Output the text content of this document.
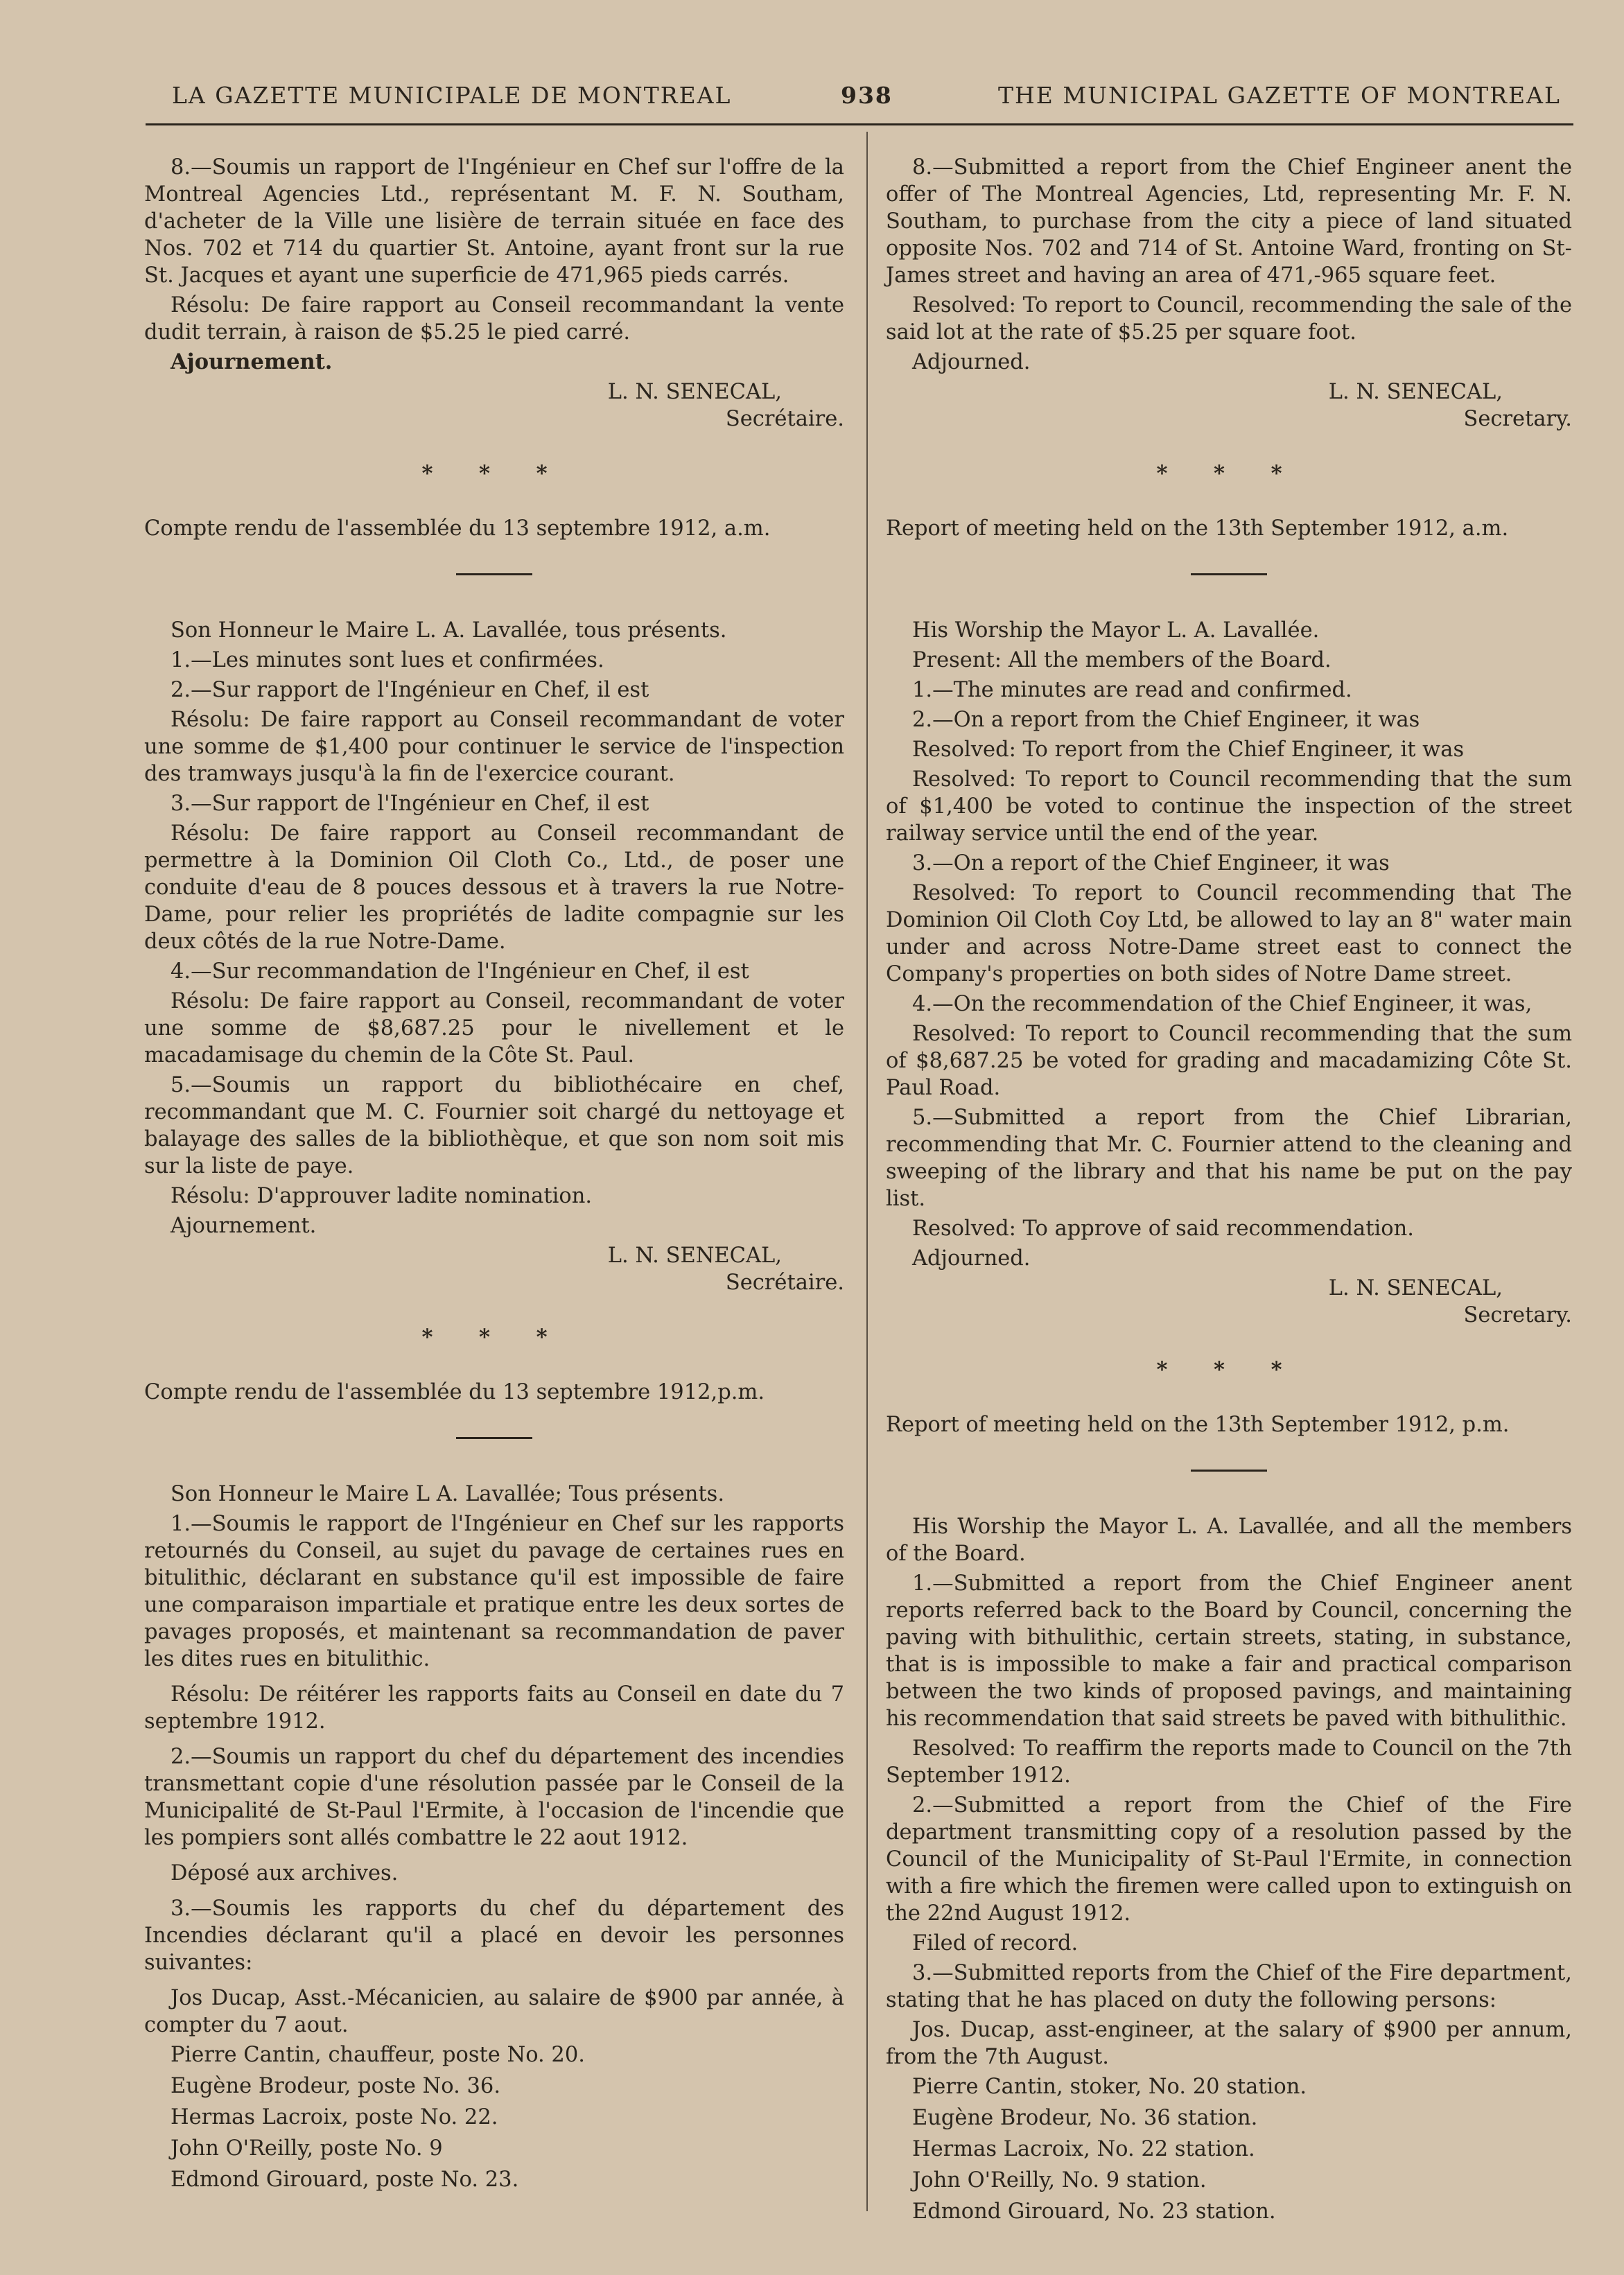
LA GAZETTE MUNICIPALE DE MONTREAL	938	THE MUNICIPAL GAZETTE OF MONTREAL

8.—Soumis un rapport de l'Ingénieur en Chef sur l'offre de la Montreal Agencies Ltd., représentant M. F. N. Southam, d'acheter de la Ville une lisière de terrain située en face des Nos. 702 et 714 du quartier St. Antoine, ayant front sur la rue St. Jacques et ayant une superficie de 471,965 pieds carrés.

Résolu: De faire rapport au Conseil recommandant la vente dudit terrain, à raison de $5.25 le pied carré.

Ajournement.

L. N. SENECAL,

Secrétaire.

* * *

Compte rendu de l'assemblée du 13 septembre 1912, a.m.

Son Honneur le Maire L. A. Lavallée, tous présents.

1.—Les minutes sont lues et confirmées.

2.—Sur rapport de l'Ingénieur en Chef, il est

Résolu: De faire rapport au Conseil recommandant de voter une somme de $1,400 pour continuer le service de l'inspection des tramways jusqu'à la fin de l'exercice courant.

3.—Sur rapport de l'Ingénieur en Chef, il est

Résolu: De faire rapport au Conseil recommandant de permettre à la Dominion Oil Cloth Co., Ltd., de poser une conduite d'eau de 8 pouces dessous et à travers la rue Notre-Dame, pour relier les propriétés de ladite compagnie sur les deux côtés de la rue Notre-Dame.

4.—Sur recommandation de l'Ingénieur en Chef, il est

Résolu: De faire rapport au Conseil, recommandant de voter une somme de $8,687.25 pour le nivellement et le macadamisage du chemin de la Côte St. Paul.

5.—Soumis un rapport du bibliothécaire en chef, recommandant que M. C. Fournier soit chargé du nettoyage et balayage des salles de la bibliothèque, et que son nom soit mis sur la liste de paye.

Résolu: D'approuver ladite nomination.

Ajournement.

L. N. SENECAL,

Secrétaire.

* * *

Compte rendu de l'assemblée du 13 septembre 1912,p.m.

Son Honneur le Maire L A. Lavallée; Tous présents.

1.—Soumis le rapport de l'Ingénieur en Chef sur les rapports retournés du Conseil, au sujet du pavage de certaines rues en bitulithic, déclarant en substance qu'il est impossible de faire une comparaison impartiale et pratique entre les deux sortes de pavages proposés, et maintenant sa recommandation de paver les dites rues en bitulithic.

Résolu: De réitérer les rapports faits au Conseil en date du 7 septembre 1912.

2.—Soumis un rapport du chef du département des incendies transmettant copie d'une résolution passée par le Conseil de la Municipalité de St-Paul l'Ermite, à l'occasion de l'incendie que les pompiers sont allés combattre le 22 aout 1912.

Déposé aux archives.

3.—Soumis les rapports du chef du département des Incendies déclarant qu'il a placé en devoir les personnes suivantes:

Jos Ducap, Asst.-Mécanicien, au salaire de $900 par année, à compter du 7 aout.

Pierre Cantin, chauffeur, poste No. 20.

Eugène Brodeur, poste No. 36.

Hermas Lacroix, poste No. 22.

John O'Reilly, poste No. 9

Edmond Girouard, poste No. 23.

8.—Submitted a report from the Chief Engineer anent the offer of The Montreal Agencies, Ltd, representing Mr. F. N. Southam, to purchase from the city a piece of land situated opposite Nos. 702 and 714 of St. Antoine Ward, fronting on St-James street and having an area of 471,-965 square feet.

Resolved: To report to Council, recommending the sale of the said lot at the rate of $5.25 per square foot.

Adjourned.

L. N. SENECAL,

Secretary.

* * *

Report of meeting held on the 13th September 1912, a.m.

His Worship the Mayor L. A. Lavallée.

Present: All the members of the Board.

1.—The minutes are read and confirmed.

2.—On a report from the Chief Engineer, it was

Resolved: To report from the Chief Engineer, it was

Resolved: To report to Council recommending that the sum of $1,400 be voted to continue the inspection of the street railway service until the end of the year.

3.—On a report of the Chief Engineer, it was

Resolved: To report to Council recommending that The Dominion Oil Cloth Coy Ltd, be allowed to lay an 8" water main under and across Notre-Dame street east to connect the Company's properties on both sides of Notre Dame street.

4.—On the recommendation of the Chief Engineer, it was,

Resolved: To report to Council recommending that the sum of $8,687.25 be voted for grading and macadamizing Côte St. Paul Road.

5.—Submitted a report from the Chief Librarian, recommending that Mr. C. Fournier attend to the cleaning and sweeping of the library and that his name be put on the pay list.

Resolved: To approve of said recommendation.

Adjourned.

L. N. SENECAL,

Secretary.

* * *

Report of meeting held on the 13th September 1912, p.m.

His Worship the Mayor L. A. Lavallée, and all the members of the Board.

1.—Submitted a report from the Chief Engineer anent reports referred back to the Board by Council, concerning the paving with bithulithic, certain streets, stating, in substance, that is is impossible to make a fair and practical comparison between the two kinds of proposed pavings, and maintaining his recommendation that said streets be paved with bithulithic.

Resolved: To reaffirm the reports made to Council on the 7th September 1912.

2.—Submitted a report from the Chief of the Fire department transmitting copy of a resolution passed by the Council of the Municipality of St-Paul l'Ermite, in connection with a fire which the firemen were called upon to extinguish on the 22nd August 1912.

Filed of record.

3.—Submitted reports from the Chief of the Fire department, stating that he has placed on duty the following persons:

Jos. Ducap, asst-engineer, at the salary of $900 per annum, from the 7th August.

Pierre Cantin, stoker, No. 20 station.

Eugène Brodeur, No. 36 station.

Hermas Lacroix, No. 22 station.

John O'Reilly, No. 9 station.

Edmond Girouard, No. 23 station.
